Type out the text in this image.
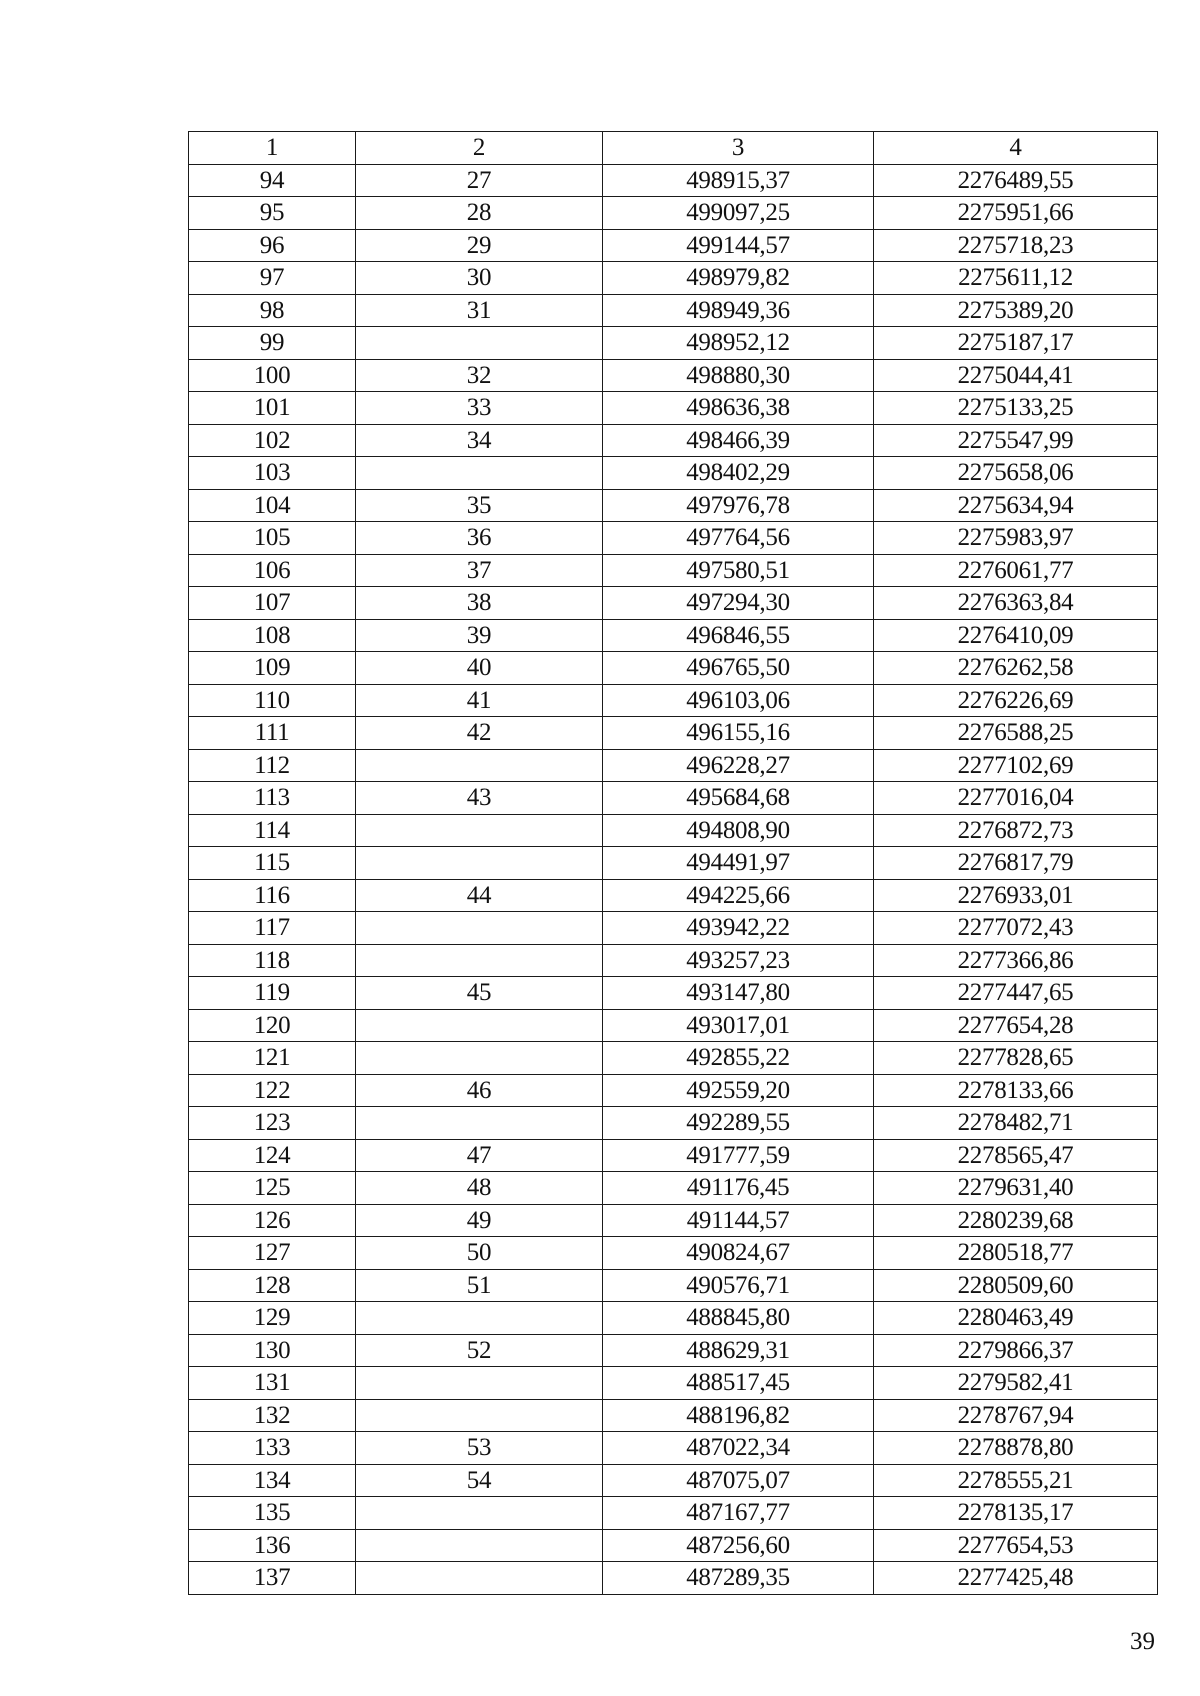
1	2	3	4
94	27	498915,37	2276489,55
95	28	499097,25	2275951,66
96	29	499144,57	2275718,23
97	30	498979,82	2275611,12
98	31	498949,36	2275389,20
99		498952,12	2275187,17
100	32	498880,30	2275044,41
101	33	498636,38	2275133,25
102	34	498466,39	2275547,99
103		498402,29	2275658,06
104	35	497976,78	2275634,94
105	36	497764,56	2275983,97
106	37	497580,51	2276061,77
107	38	497294,30	2276363,84
108	39	496846,55	2276410,09
109	40	496765,50	2276262,58
110	41	496103,06	2276226,69
111	42	496155,16	2276588,25
112		496228,27	2277102,69
113	43	495684,68	2277016,04
114		494808,90	2276872,73
115		494491,97	2276817,79
116	44	494225,66	2276933,01
117		493942,22	2277072,43
118		493257,23	2277366,86
119	45	493147,80	2277447,65
120		493017,01	2277654,28
121		492855,22	2277828,65
122	46	492559,20	2278133,66
123		492289,55	2278482,71
124	47	491777,59	2278565,47
125	48	491176,45	2279631,40
126	49	491144,57	2280239,68
127	50	490824,67	2280518,77
128	51	490576,71	2280509,60
129		488845,80	2280463,49
130	52	488629,31	2279866,37
131		488517,45	2279582,41
132		488196,82	2278767,94
133	53	487022,34	2278878,80
134	54	487075,07	2278555,21
135		487167,77	2278135,17
136		487256,60	2277654,53
137		487289,35	2277425,48
39
